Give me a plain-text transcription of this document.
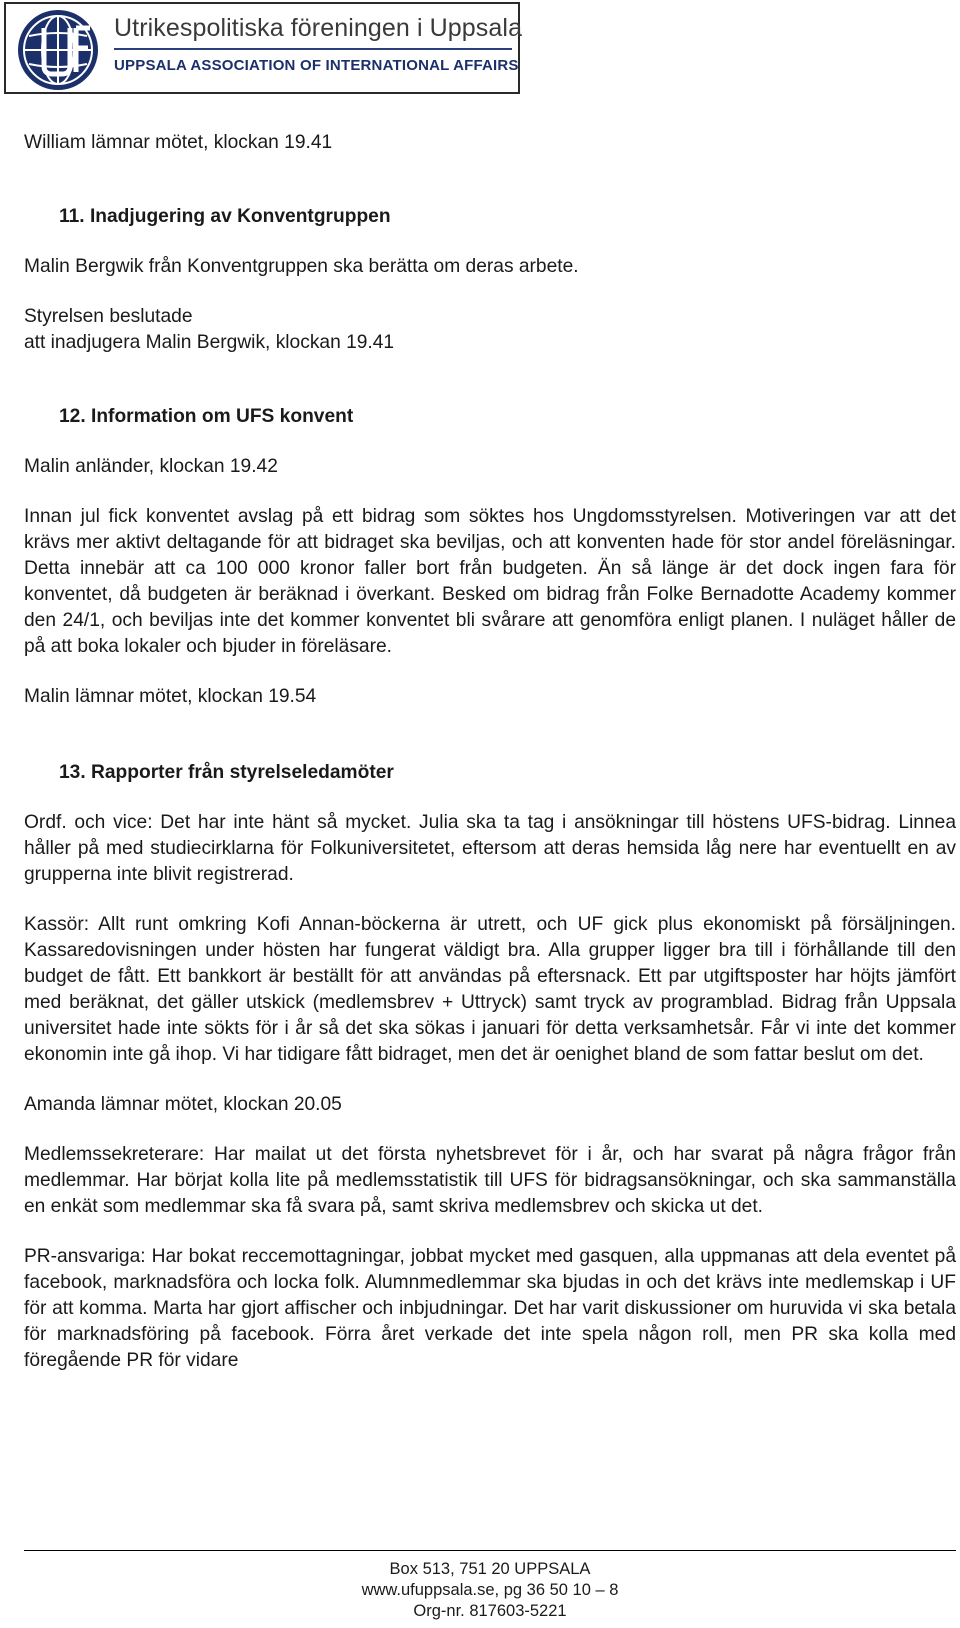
Utrikespolitiska föreningen i Uppsala
UPPSALA ASSOCIATION OF INTERNATIONAL AFFAIRS

William lämnar mötet, klockan 19.41

11. Inadjugering av Konventgruppen

Malin Bergwik från Konventgruppen ska berätta om deras arbete.

Styrelsen beslutade

att inadjugera Malin Bergwik, klockan 19.41

12. Information om UFS konvent

Malin anländer, klockan 19.42

Innan jul fick konventet avslag på ett bidrag som söktes hos Ungdomsstyrelsen. Motiveringen var att det krävs mer aktivt deltagande för att bidraget ska beviljas, och att konventen hade för stor andel föreläsningar. Detta innebär att ca 100 000 kronor faller bort från budgeten. Än så länge är det dock ingen fara för konventet, då budgeten är beräknad i överkant. Besked om bidrag från Folke Bernadotte Academy kommer den 24/1, och beviljas inte det kommer konventet bli svårare att genomföra enligt planen. I nuläget håller de på att boka lokaler och bjuder in föreläsare.

Malin lämnar mötet, klockan 19.54

13. Rapporter från styrelseledamöter

Ordf. och vice: Det har inte hänt så mycket. Julia ska ta tag i ansökningar till höstens UFS-bidrag. Linnea håller på med studiecirklarna för Folkuniversitetet, eftersom att deras hemsida låg nere har eventuellt en av grupperna inte blivit registrerad.

Kassör: Allt runt omkring Kofi Annan-böckerna är utrett, och UF gick plus ekonomiskt på försäljningen. Kassaredovisningen under hösten har fungerat väldigt bra. Alla grupper ligger bra till i förhållande till den budget de fått. Ett bankkort är beställt för att användas på eftersnack. Ett par utgiftsposter har höjts jämfört med beräknat, det gäller utskick (medlemsbrev + Uttryck) samt tryck av programblad. Bidrag från Uppsala universitet hade inte sökts för i år så det ska sökas i januari för detta verksamhetsår. Får vi inte det kommer ekonomin inte gå ihop. Vi har tidigare fått bidraget, men det är oenighet bland de som fattar beslut om det.

Amanda lämnar mötet, klockan 20.05

Medlemssekreterare: Har mailat ut det första nyhetsbrevet för i år, och har svarat på några frågor från medlemmar. Har börjat kolla lite på medlemsstatistik till UFS för bidragsansökningar, och ska sammanställa en enkät som medlemmar ska få svara på, samt skriva medlemsbrev och skicka ut det.

PR-ansvariga: Har bokat reccemottagningar, jobbat mycket med gasquen, alla uppmanas att dela eventet på facebook, marknadsföra och locka folk. Alumnmedlemmar ska bjudas in och det krävs inte medlemskap i UF för att komma. Marta har gjort affischer och inbjudningar. Det har varit diskussioner om huruvida vi ska betala för marknadsföring på facebook. Förra året verkade det inte spela någon roll, men PR ska kolla med föregående PR för vidare

Box 513, 751 20 UPPSALA

www.ufuppsala.se, pg 36 50 10 – 8

Org-nr. 817603-5221
